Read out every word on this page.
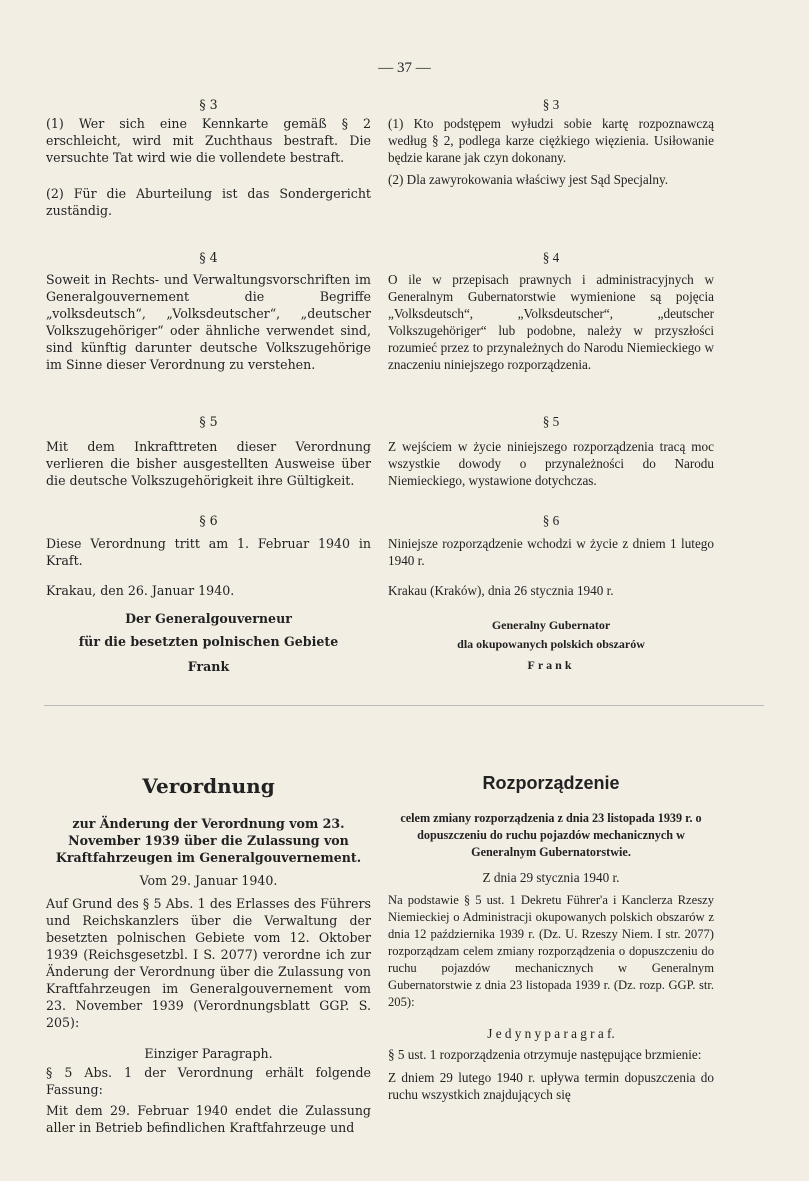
— 37 —

§ 3

(1) Wer sich eine Kennkarte gemäß § 2 erschleicht, wird mit Zuchthaus bestraft. Die versuchte Tat wird wie die vollendete bestraft.

(2) Für die Aburteilung ist das Sondergericht zuständig.

§ 4

Soweit in Rechts- und Verwaltungsvorschriften im Generalgouvernement die Begriffe „volksdeutsch“, „Volksdeutscher“, „deutscher Volkszugehöriger“ oder ähnliche verwendet sind, sind künftig darunter deutsche Volkszugehörige im Sinne dieser Verordnung zu verstehen.

§ 5

Mit dem Inkrafttreten dieser Verordnung verlieren die bisher ausgestellten Ausweise über die deutsche Volkszugehörigkeit ihre Gültigkeit.

§ 6

Diese Verordnung tritt am 1. Februar 1940 in Kraft.

Krakau, den 26. Januar 1940.

Der Generalgouverneur

für die besetzten polnischen Gebiete

Frank

Verordnung

zur Änderung der Verordnung vom 23. November 1939 über die Zulassung von Kraftfahrzeugen im Generalgouvernement.

Vom 29. Januar 1940.

Auf Grund des § 5 Abs. 1 des Erlasses des Führers und Reichskanzlers über die Verwaltung der besetzten polnischen Gebiete vom 12. Oktober 1939 (Reichsgesetzbl. I S. 2077) verordne ich zur Änderung der Verordnung über die Zulassung von Kraftfahrzeugen im Generalgouvernement vom 23. November 1939 (Verordnungsblatt GGP. S. 205):

Einziger Paragraph.

§ 5 Abs. 1 der Verordnung erhält folgende Fassung:

Mit dem 29. Februar 1940 endet die Zulassung aller in Betrieb befindlichen Kraftfahrzeuge und

§ 3

(1) Kto podstępem wyłudzi sobie kartę rozpoznawczą według § 2, podlega karze ciężkiego więzienia. Usiłowanie będzie karane jak czyn dokonany.

(2) Dla zawyrokowania właściwy jest Sąd Specjalny.

§ 4

O ile w przepisach prawnych i administracyjnych w Generalnym Gubernatorstwie wymienione są pojęcia „Volksdeutsch“, „Volksdeutscher“, „deutscher Volkszugehöriger“ lub podobne, należy w przyszłości rozumieć przez to przynależnych do Narodu Niemieckiego w znaczeniu niniejszego rozporządzenia.

§ 5

Z wejściem w życie niniejszego rozporządzenia tracą moc wszystkie dowody o przynależności do Narodu Niemieckiego, wystawione dotychczas.

§ 6

Niniejsze rozporządzenie wchodzi w życie z dniem 1 lutego 1940 r.

Krakau (Kraków), dnia 26 stycznia 1940 r.

Generalny Gubernator

dla okupowanych polskich obszarów

Frank

Rozporządzenie

celem zmiany rozporządzenia z dnia 23 listopada 1939 r. o dopuszczeniu do ruchu pojazdów mechanicznych w Generalnym Gubernatorstwie.

Z dnia 29 stycznia 1940 r.

Na podstawie § 5 ust. 1 Dekretu Führer'a i Kanclerza Rzeszy Niemieckiej o Administracji okupowanych polskich obszarów z dnia 12 października 1939 r. (Dz. U. Rzeszy Niem. I str. 2077) rozporządzam celem zmiany rozporządzenia o dopuszczeniu do ruchu pojazdów mechanicznych w Generalnym Gubernatorstwie z dnia 23 listopada 1939 r. (Dz. rozp. GGP. str. 205):

J e d y n y p a r a g r a f.

§ 5 ust. 1 rozporządzenia otrzymuje następujące brzmienie:

Z dniem 29 lutego 1940 r. upływa termin dopuszczenia do ruchu wszystkich znajdujących się
